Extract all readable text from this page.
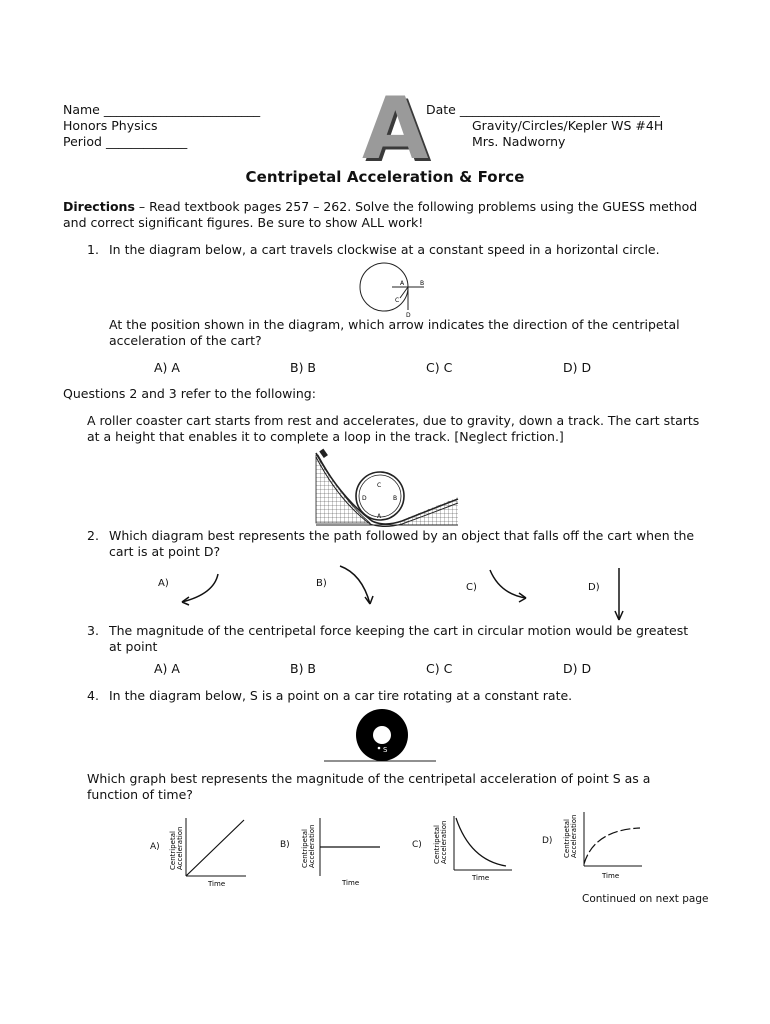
Name _________________________
Honors Physics
Period _____________ A
Date ________________________________
Gravity/Circles/Kepler WS #4H
Mrs. Nadworny
Centripetal Acceleration & Force
Directions – Read textbook pages 257 – 262. Solve the following problems using the GUESS method
and correct significant figures. Be sure to show ALL work!
1. In the diagram below, a cart travels clockwise at a constant speed in a horizontal circle.
A	B
C
D
At the position shown in the diagram, which arrow indicates the direction of the centripetal
acceleration of the cart?
A) A	B) B	C) C	D) D
Questions 2 and 3 refer to the following:
A roller coaster cart starts from rest and accelerates, due to gravity, down a track. The cart starts
at a height that enables it to complete a loop in the track. [Neglect friction.]
C
D	B
A
2. Which diagram best represents the path followed by an object that falls off the cart when the
cart is at point D?
A)	B)	C)	D)
3. The magnitude of the centripetal force keeping the cart in circular motion would be greatest
at point
A) A	B) B	C) C	D) D
4. In the diagram below, S is a point on a car tire rotating at a constant rate.
S
Which graph best represents the magnitude of the centripetal acceleration of point S as a
function of time?
A) Centripetal Acceleration
Time
B) Centripetal Acceleration
Time
C) Centripetal Acceleration
Time
D) Centripetal Acceleration
Time
Continued on next page
